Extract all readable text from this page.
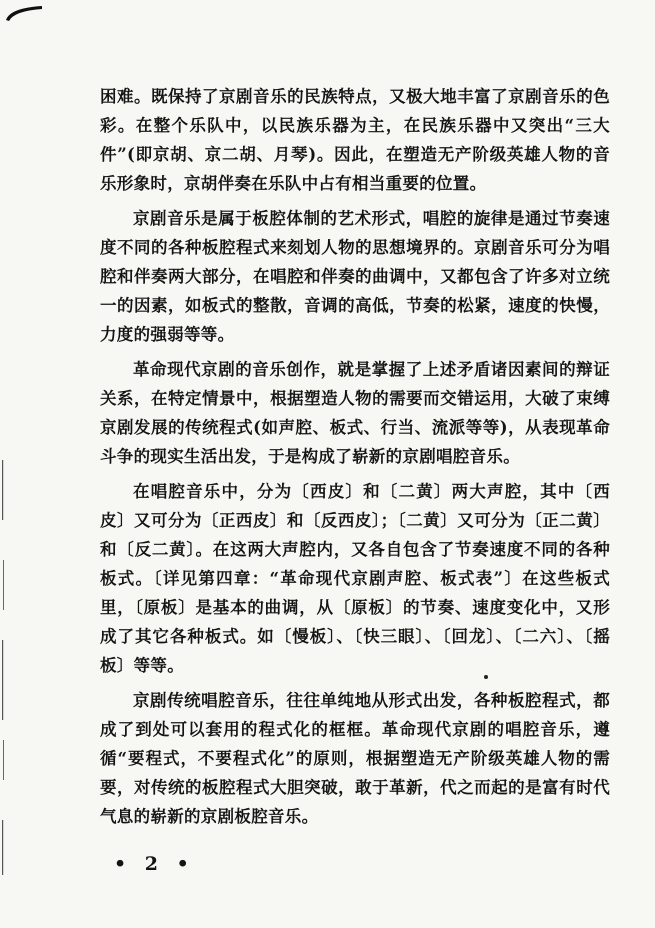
困难。既保持了京剧音乐的民族特点，又极大地丰富了京剧音乐的色彩。在整个乐队中，以民族乐器为主，在民族乐器中又突出“三大件”(即京胡、京二胡、月琴)。因此，在塑造无产阶级英雄人物的音乐形象时，京胡伴奏在乐队中占有相当重要的位置。

京剧音乐是属于板腔体制的艺术形式，唱腔的旋律是通过节奏速度不同的各种板腔程式来刻划人物的思想境界的。京剧音乐可分为唱腔和伴奏两大部分，在唱腔和伴奏的曲调中，又都包含了许多对立统一的因素，如板式的整散，音调的高低，节奏的松紧，速度的快慢，力度的强弱等等。

革命现代京剧的音乐创作，就是掌握了上述矛盾诸因素间的辩证关系，在特定情景中，根据塑造人物的需要而交错运用，大破了束缚京剧发展的传统程式(如声腔、板式、行当、流派等等)，从表现革命斗争的现实生活出发，于是构成了崭新的京剧唱腔音乐。

在唱腔音乐中，分为〔西皮〕和〔二黄〕两大声腔，其中〔西皮〕又可分为〔正西皮〕和〔反西皮〕；〔二黄〕又可分为〔正二黄〕和〔反二黄〕。在这两大声腔内，又各自包含了节奏速度不同的各种板式。〔详见第四章：“革命现代京剧声腔、板式表”〕在这些板式里，〔原板〕是基本的曲调，从〔原板〕的节奏、速度变化中，又形成了其它各种板式。如〔慢板〕、〔快三眼〕、〔回龙〕、〔二六〕、〔摇板〕等等。

京剧传统唱腔音乐，往往单纯地从形式出发，各种板腔程式，都成了到处可以套用的程式化的框框。革命现代京剧的唱腔音乐，遵循“要程式，不要程式化”的原则，根据塑造无产阶级英雄人物的需要，对传统的板腔程式大胆突破，敢于革新，代之而起的是富有时代气息的崭新的京剧板腔音乐。

• 2 •
